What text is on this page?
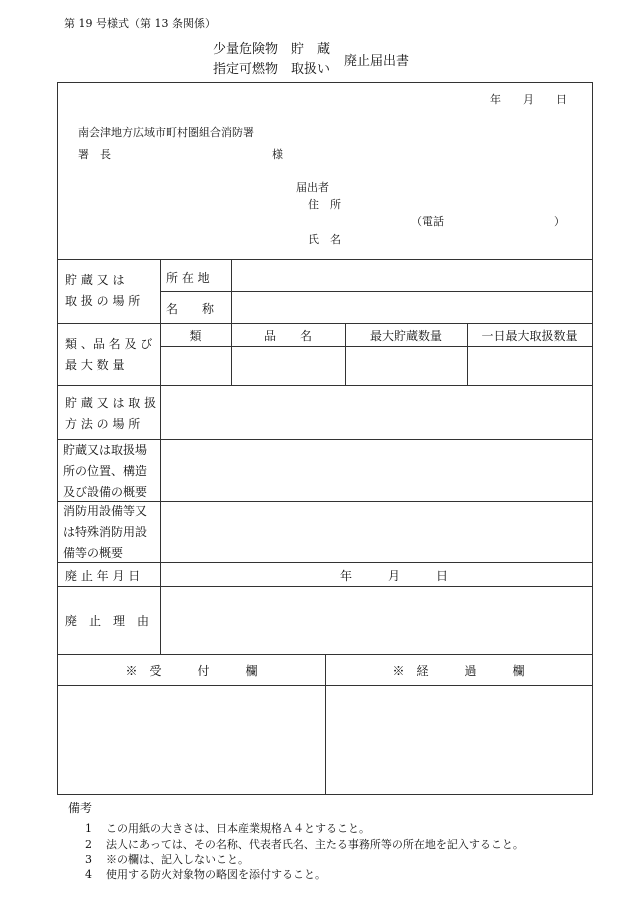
第 19 号様式（第 13 条関係）
少量危険物　貯　蔵
指定可燃物　取扱い
廃止届出書
年　　月　　日
南会津地方広域市町村圏組合消防署
署　長	様
届出者
住　所
（電話　　　　　　　　　　）
氏　名
貯 蔵 又 は
取 扱 の 場 所
所 在 地
名　　称
類 、品 名 及 び
最 大 数 量
類	品　　名	最大貯蔵数量	一日最大取扱数量
貯 蔵 又 は 取 扱
方 法 の 場 所
貯蔵又は取扱場
所の位置、構造
及び設備の概要
消防用設備等又
は特殊消防用設
備等の概要
廃 止 年 月 日	年　　　月　　　日
廃　止　理　由
※　受　　　付　　　欄	※　経　　　過　　　欄
備考
1 この用紙の大きさは、日本産業規格Ａ４とすること。
2 法人にあっては、その名称、代表者氏名、主たる事務所等の所在地を記入すること。
3 ※の欄は、記入しないこと。
4 使用する防火対象物の略図を添付すること。
